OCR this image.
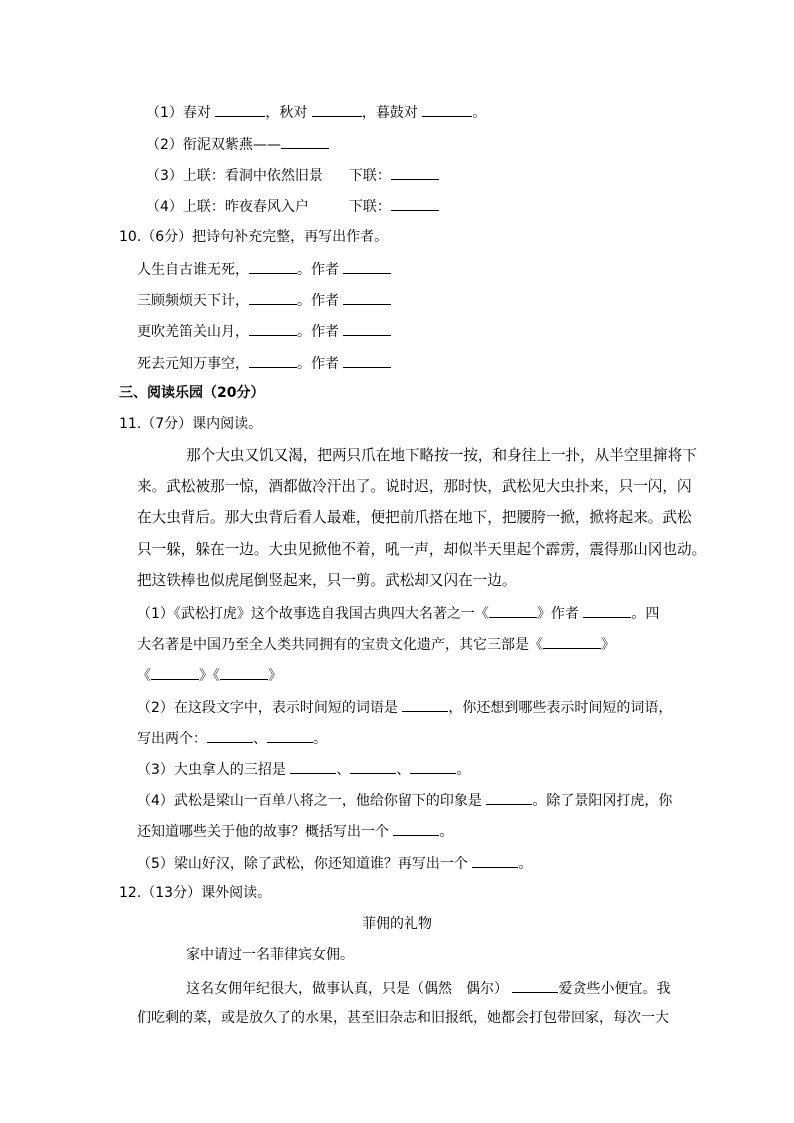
（1）春对	，秋对	，暮鼓对	。
（2）衔泥双紫燕——
（3）上联：看洞中依然旧景 下联：
（4）上联：昨夜春风入户	下联：
10.（6分）把诗句补充完整，再写出作者。
人生自古谁无死，	。作者
三顾频烦天下计，	。作者
更吹羌笛关山月，	。作者
死去元知万事空，	。作者
三、阅读乐园（20分）
11.（7分）课内阅读。
那个大虫又饥又渴，把两只爪在地下略按一按，和身往上一扑，从半空里撺将下
来。武松被那一惊，酒都做冷汗出了。说时迟，那时快，武松见大虫扑来，只一闪，闪
在大虫背后。那大虫背后看人最难，便把前爪搭在地下，把腰胯一掀，掀将起来。武松
只一躲，躲在一边。大虫见掀他不着，吼一声，却似半天里起个霹雳，震得那山冈也动。
把这铁棒也似虎尾倒竖起来，只一剪。武松却又闪在一边。
（1）《武松打虎》这个故事选自我国古典四大名著之一《	》作者	。四
大名著是中国乃至全人类共同拥有的宝贵文化遗产，其它三部是《	》
《	》《	》
（2）在这段文字中，表示时间短的词语是	，你还想到哪些表示时间短的词语，
写出两个：	、	。
（3）大虫拿人的三招是	、	、	。
（4）武松是梁山一百单八将之一，他给你留下的印象是	。除了景阳冈打虎，你
还知道哪些关于他的故事？概括写出一个	。
（5）梁山好汉，除了武松，你还知道谁？再写出一个	。
12.（13分）课外阅读。
菲佣的礼物
家中请过一名菲律宾女佣。
这名女佣年纪很大，做事认真，只是（偶然 偶尔）	爱贪些小便宜。我
们吃剩的菜，或是放久了的水果，甚至旧杂志和旧报纸，她都会打包带回家，每次一大
